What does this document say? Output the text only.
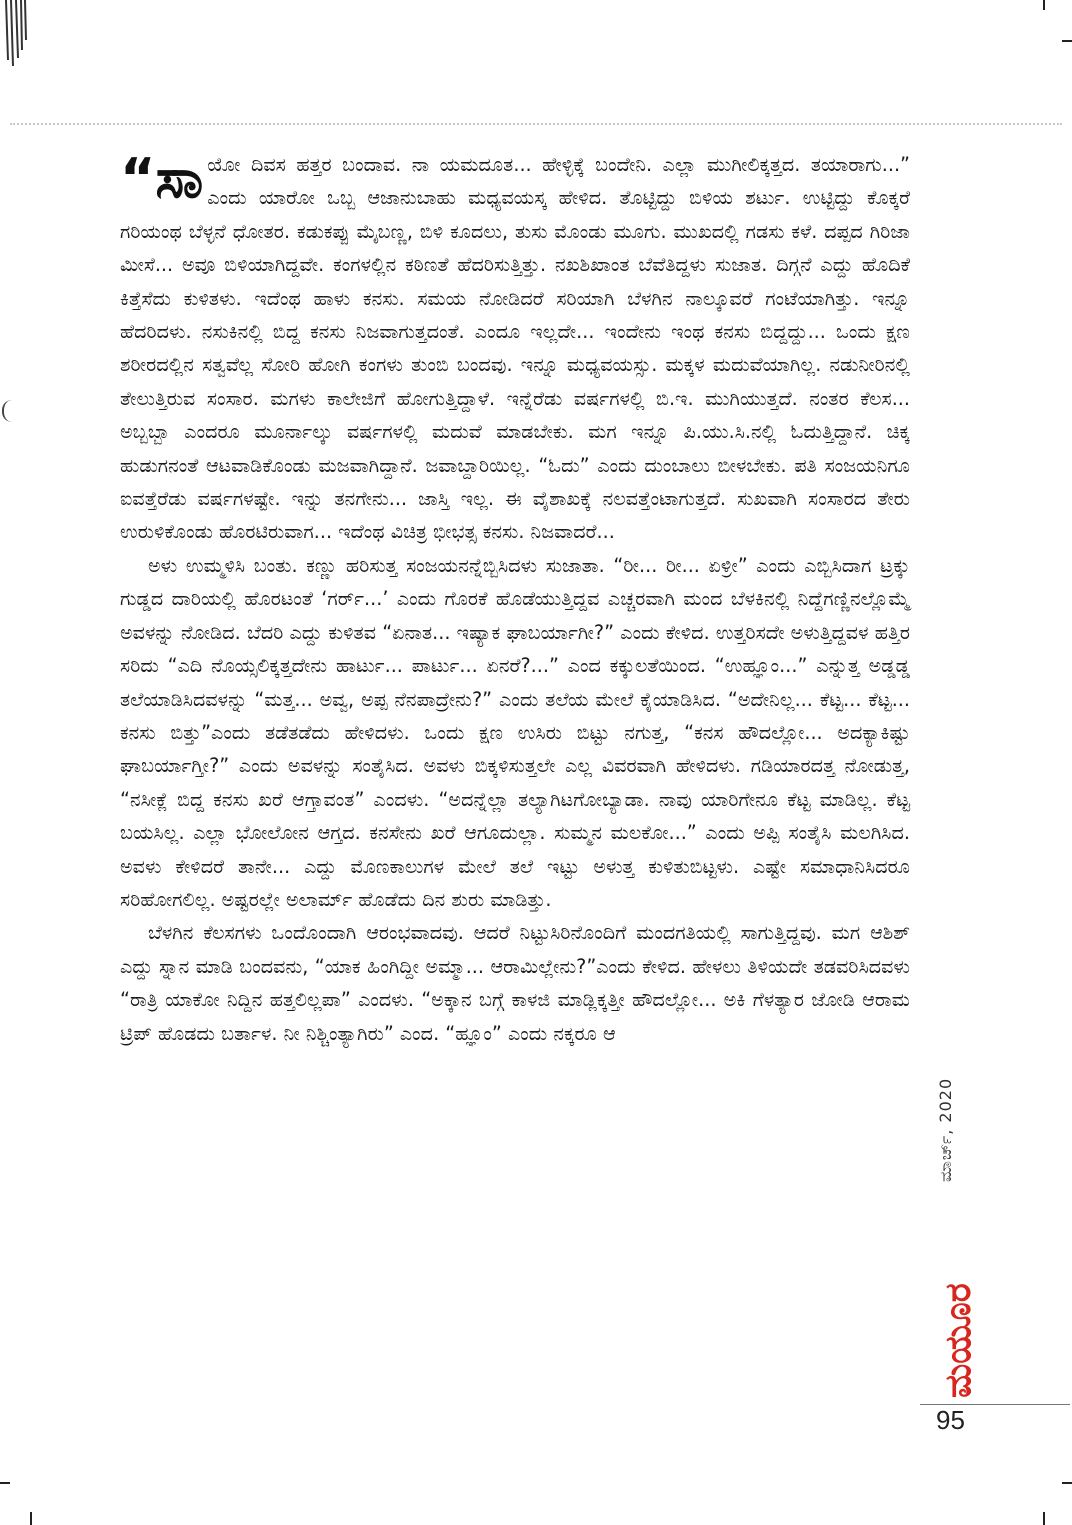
“ಸಾ ಯೋ ದಿವಸ ಹತ್ತರ ಬಂದಾವ. ನಾ ಯಮದೂತ... ಹೇಳ್ಳಿಕ್ಕೆ ಬಂದೇನಿ. ಎಲ್ಲಾ ಮುಗೀಲಿಕ್ಕತ್ತದ. ತಯಾರಾಗು...” ಎಂದು ಯಾರೋ ಒಬ್ಬ ಆಜಾನುಬಾಹು ಮಧ್ಯವಯಸ್ಕ ಹೇಳಿದ. ತೊಟ್ಟಿದ್ದು ಬಿಳಿಯ ಶರ್ಟು. ಉಟ್ಟಿದ್ದು ಕೊಕ್ಕರೆ ಗರಿಯಂಥ ಬೆಳ್ಳನೆ ಧೋತರ. ಕಡುಕಪ್ಪು ಮೈಬಣ್ಣ, ಬಿಳಿ ಕೂದಲು, ತುಸು ಮೊಂಡು ಮೂಗು. ಮುಖದಲ್ಲಿ ಗಡಸು ಕಳೆ. ದಪ್ಪದ ಗಿರಿಜಾ ಮೀಸೆ... ಅವೂ ಬಿಳಿಯಾಗಿದ್ದವೇ. ಕಂಗಳಲ್ಲಿನ ಕಠಿಣತೆ ಹೆದರಿಸುತ್ತಿತ್ತು. ನಖಶಿಖಾಂತ ಬೆವೆತಿದ್ದಳು ಸುಜಾತ. ದಿಗ್ಗನೆ ಎದ್ದು ಹೊದಿಕೆ ಕಿತ್ತೆಸೆದು ಕುಳಿತಳು. ಇದೆಂಥ ಹಾಳು ಕನಸು. ಸಮಯ ನೋಡಿದರೆ ಸರಿಯಾಗಿ ಬೆಳಗಿನ ನಾಲ್ಕೂವರೆ ಗಂಟೆಯಾಗಿತ್ತು. ಇನ್ನೂ ಹೆದರಿದಳು. ನಸುಕಿನಲ್ಲಿ ಬಿದ್ದ ಕನಸು ನಿಜವಾಗುತ್ತದಂತೆ. ಎಂದೂ ಇಲ್ಲದೇ... ಇಂದೇನು ಇಂಥ ಕನಸು ಬಿದ್ದದ್ದು... ಒಂದು ಕ್ಷಣ ಶರೀರದಲ್ಲಿನ ಸತ್ವವೆಲ್ಲ ಸೋರಿ ಹೋಗಿ ಕಂಗಳು ತುಂಬಿ ಬಂದವು. ಇನ್ನೂ ಮಧ್ಯವಯಸ್ಸು. ಮಕ್ಕಳ ಮದುವೆಯಾಗಿಲ್ಲ. ನಡುನೀರಿನಲ್ಲಿ ತೇಲುತ್ತಿರುವ ಸಂಸಾರ. ಮಗಳು ಕಾಲೇಜಿಗೆ ಹೋಗುತ್ತಿದ್ದಾಳೆ. ಇನ್ನೆರೆಡು ವರ್ಷಗಳಲ್ಲಿ ಬಿ.ಇ. ಮುಗಿಯುತ್ತದೆ. ನಂತರ ಕೆಲಸ... ಅಬ್ಬಬ್ಬಾ ಎಂದರೂ ಮೂರ್ನಾಲ್ಕು ವರ್ಷಗಳಲ್ಲಿ ಮದುವೆ ಮಾಡಬೇಕು. ಮಗ ಇನ್ನೂ ಪಿ.ಯು.ಸಿ.ನಲ್ಲಿ ಓದುತ್ತಿದ್ದಾನೆ. ಚಿಕ್ಕ ಹುಡುಗನಂತೆ ಆಟವಾಡಿಕೊಂಡು ಮಜವಾಗಿದ್ದಾನೆ. ಜವಾಬ್ದಾರಿಯಿಲ್ಲ. “ಓದು” ಎಂದು ದುಂಬಾಲು ಬೀಳಬೇಕು. ಪತಿ ಸಂಜಯನಿಗೂ ಐವತ್ತೆರೆಡು ವರ್ಷಗಳಷ್ಟೇ. ಇನ್ನು ತನಗೇನು... ಜಾಸ್ತಿ ಇಲ್ಲ. ಈ ವೈಶಾಖಕ್ಕೆ ನಲವತ್ತೆಂಟಾಗುತ್ತದೆ. ಸುಖವಾಗಿ ಸಂಸಾರದ ತೇರು ಉರುಳಿಕೊಂಡು ಹೊರಟಿರುವಾಗ... ಇದೆಂಥ ವಿಚಿತ್ರ ಭೀಭತ್ಸ ಕನಸು. ನಿಜವಾದರೆ...

ಅಳು ಉಮ್ಮಳಿಸಿ ಬಂತು. ಕಣ್ಣು ಹರಿಸುತ್ತ ಸಂಜಯನನ್ನೆಬ್ಬಿಸಿದಳು ಸುಜಾತಾ. “ರೀ... ರೀ... ಏಳ್ರೀ” ಎಂದು ಎಬ್ಬಿಸಿದಾಗ ಟ್ರಕ್ಕು ಗುಡ್ಡದ ದಾರಿಯಲ್ಲಿ ಹೊರಟಂತೆ ‘ಗರ್ರ್...’ ಎಂದು ಗೊರಕೆ ಹೊಡೆಯುತ್ತಿದ್ದವ ಎಚ್ಚರವಾಗಿ ಮಂದ ಬೆಳಕಿನಲ್ಲಿ ನಿದ್ದೆಗಣ್ಣಿನಲ್ಲೊಮ್ಮೆ ಅವಳನ್ನು ನೋಡಿದ. ಬೆದರಿ ಎದ್ದು ಕುಳಿತವ “ಏನಾತ... ಇಷ್ಯಾಕ ಘಾಬರ್ಯಾಗೀ?” ಎಂದು ಕೇಳಿದ. ಉತ್ತರಿಸದೇ ಅಳುತ್ತಿದ್ದವಳ ಹತ್ತಿರ ಸರಿದು “ಎದಿ ನೊಯ್ಸಲಿಕ್ಕತ್ತದೇನು ಹಾರ್ಟು... ಪಾರ್ಟು... ಏನರೆ?...” ಎಂದ ಕಕ್ಕುಲತೆಯಿಂದ. “ಉಹ್ಞೂಂ...” ಎನ್ನುತ್ತ ಅಡ್ಡಡ್ಡ ತಲೆಯಾಡಿಸಿದವಳನ್ನು “ಮತ್ತ... ಅವ್ವ, ಅಪ್ಪ ನೆನಪಾದ್ರೇನು?” ಎಂದು ತಲೆಯ ಮೇಲೆ ಕೈಯಾಡಿಸಿದ. “ಅದೇನಿಲ್ಲ... ಕೆಟ್ಟ... ಕೆಟ್ಟ... ಕನಸು ಬಿತ್ತು”ಎಂದು ತಡೆತಡೆದು ಹೇಳಿದಳು. ಒಂದು ಕ್ಷಣ ಉಸಿರು ಬಿಟ್ಟು ನಗುತ್ತ, “ಕನಸ ಹೌದಲ್ಲೋ... ಅದಕ್ಯಾಕಿಷ್ಟು ಘಾಬರ್ಯಾಗ್ತೀ?” ಎಂದು ಅವಳನ್ನು ಸಂತೈಸಿದ. ಅವಳು ಬಿಕ್ಕಳಿಸುತ್ತಲೇ ಎಲ್ಲ ವಿವರವಾಗಿ ಹೇಳಿದಳು. ಗಡಿಯಾರದತ್ತ ನೋಡುತ್ತ, “ನಸೀಕ್ಲೆ ಬಿದ್ದ ಕನಸು ಖರೆ ಆಗ್ತಾವಂತ” ಎಂದಳು. “ಅದನ್ನೆಲ್ಲಾ ತಲ್ಯಾಗಿಟಗೋಬ್ಯಾಡಾ. ನಾವು ಯಾರಿಗೇನೂ ಕೆಟ್ಟ ಮಾಡಿಲ್ಲ. ಕೆಟ್ಟ ಬಯಸಿಲ್ಲ. ಎಲ್ಲಾ ಭೋಲೋನ ಆಗ್ತದ. ಕನಸೇನು ಖರೆ ಆಗೂದುಲ್ಲಾ. ಸುಮ್ಮನ ಮಲಕೋ...” ಎಂದು ಅಪ್ಪಿ ಸಂತೈಸಿ ಮಲಗಿಸಿದ. ಅವಳು ಕೇಳಿದರೆ ತಾನೇ... ಎದ್ದು ಮೊಣಕಾಲುಗಳ ಮೇಲೆ ತಲೆ ಇಟ್ಟು ಅಳುತ್ತ ಕುಳಿತುಬಿಟ್ಟಳು. ಎಷ್ಟೇ ಸಮಾಧಾನಿಸಿದರೂ ಸರಿಹೋಗಲಿಲ್ಲ. ಅಷ್ಟರಲ್ಲೇ ಅಲಾರ್ಮ್ ಹೊಡೆದು ದಿನ ಶುರು ಮಾಡಿತ್ತು.

ಬೆಳಗಿನ ಕೆಲಸಗಳು ಒಂದೊಂದಾಗಿ ಆರಂಭವಾದವು. ಆದರೆ ನಿಟ್ಟುಸಿರಿನೊಂದಿಗೆ ಮಂದಗತಿಯಲ್ಲಿ ಸಾಗುತ್ತಿದ್ದವು. ಮಗ ಆಶಿಶ್ ಎದ್ದು ಸ್ನಾನ ಮಾಡಿ ಬಂದವನು, “ಯಾಕ ಹಿಂಗಿದ್ದೀ ಅಮ್ಮಾ... ಆರಾಮಿಲ್ಲೇನು?”ಎಂದು ಕೇಳಿದ. ಹೇಳಲು ತಿಳಿಯದೇ ತಡವರಿಸಿದವಳು “ರಾತ್ರಿ ಯಾಕೋ ನಿದ್ದಿನ ಹತ್ತಲಿಲ್ಲಪಾ” ಎಂದಳು. “ಅಕ್ಕಾನ ಬಗ್ಗೆ ಕಾಳಜಿ ಮಾಡ್ಲಿಕ್ಕತ್ತೀ ಹೌದಲ್ಲೋ... ಅಕಿ ಗೆಳತ್ಯಾರ ಜೋಡಿ ಆರಾಮ ಟ್ರಿಪ್ ಹೊಡದು ಬರ್ತಾಳ. ನೀ ನಿಶ್ಚಿಂತ್ಯಾಗಿರು” ಎಂದ. “ಹ್ಞೂಂ” ಎಂದು ನಕ್ಕರೂ ಆ

ಮಾರ್ಚ್, 2020
ಮಯೂರ
95
